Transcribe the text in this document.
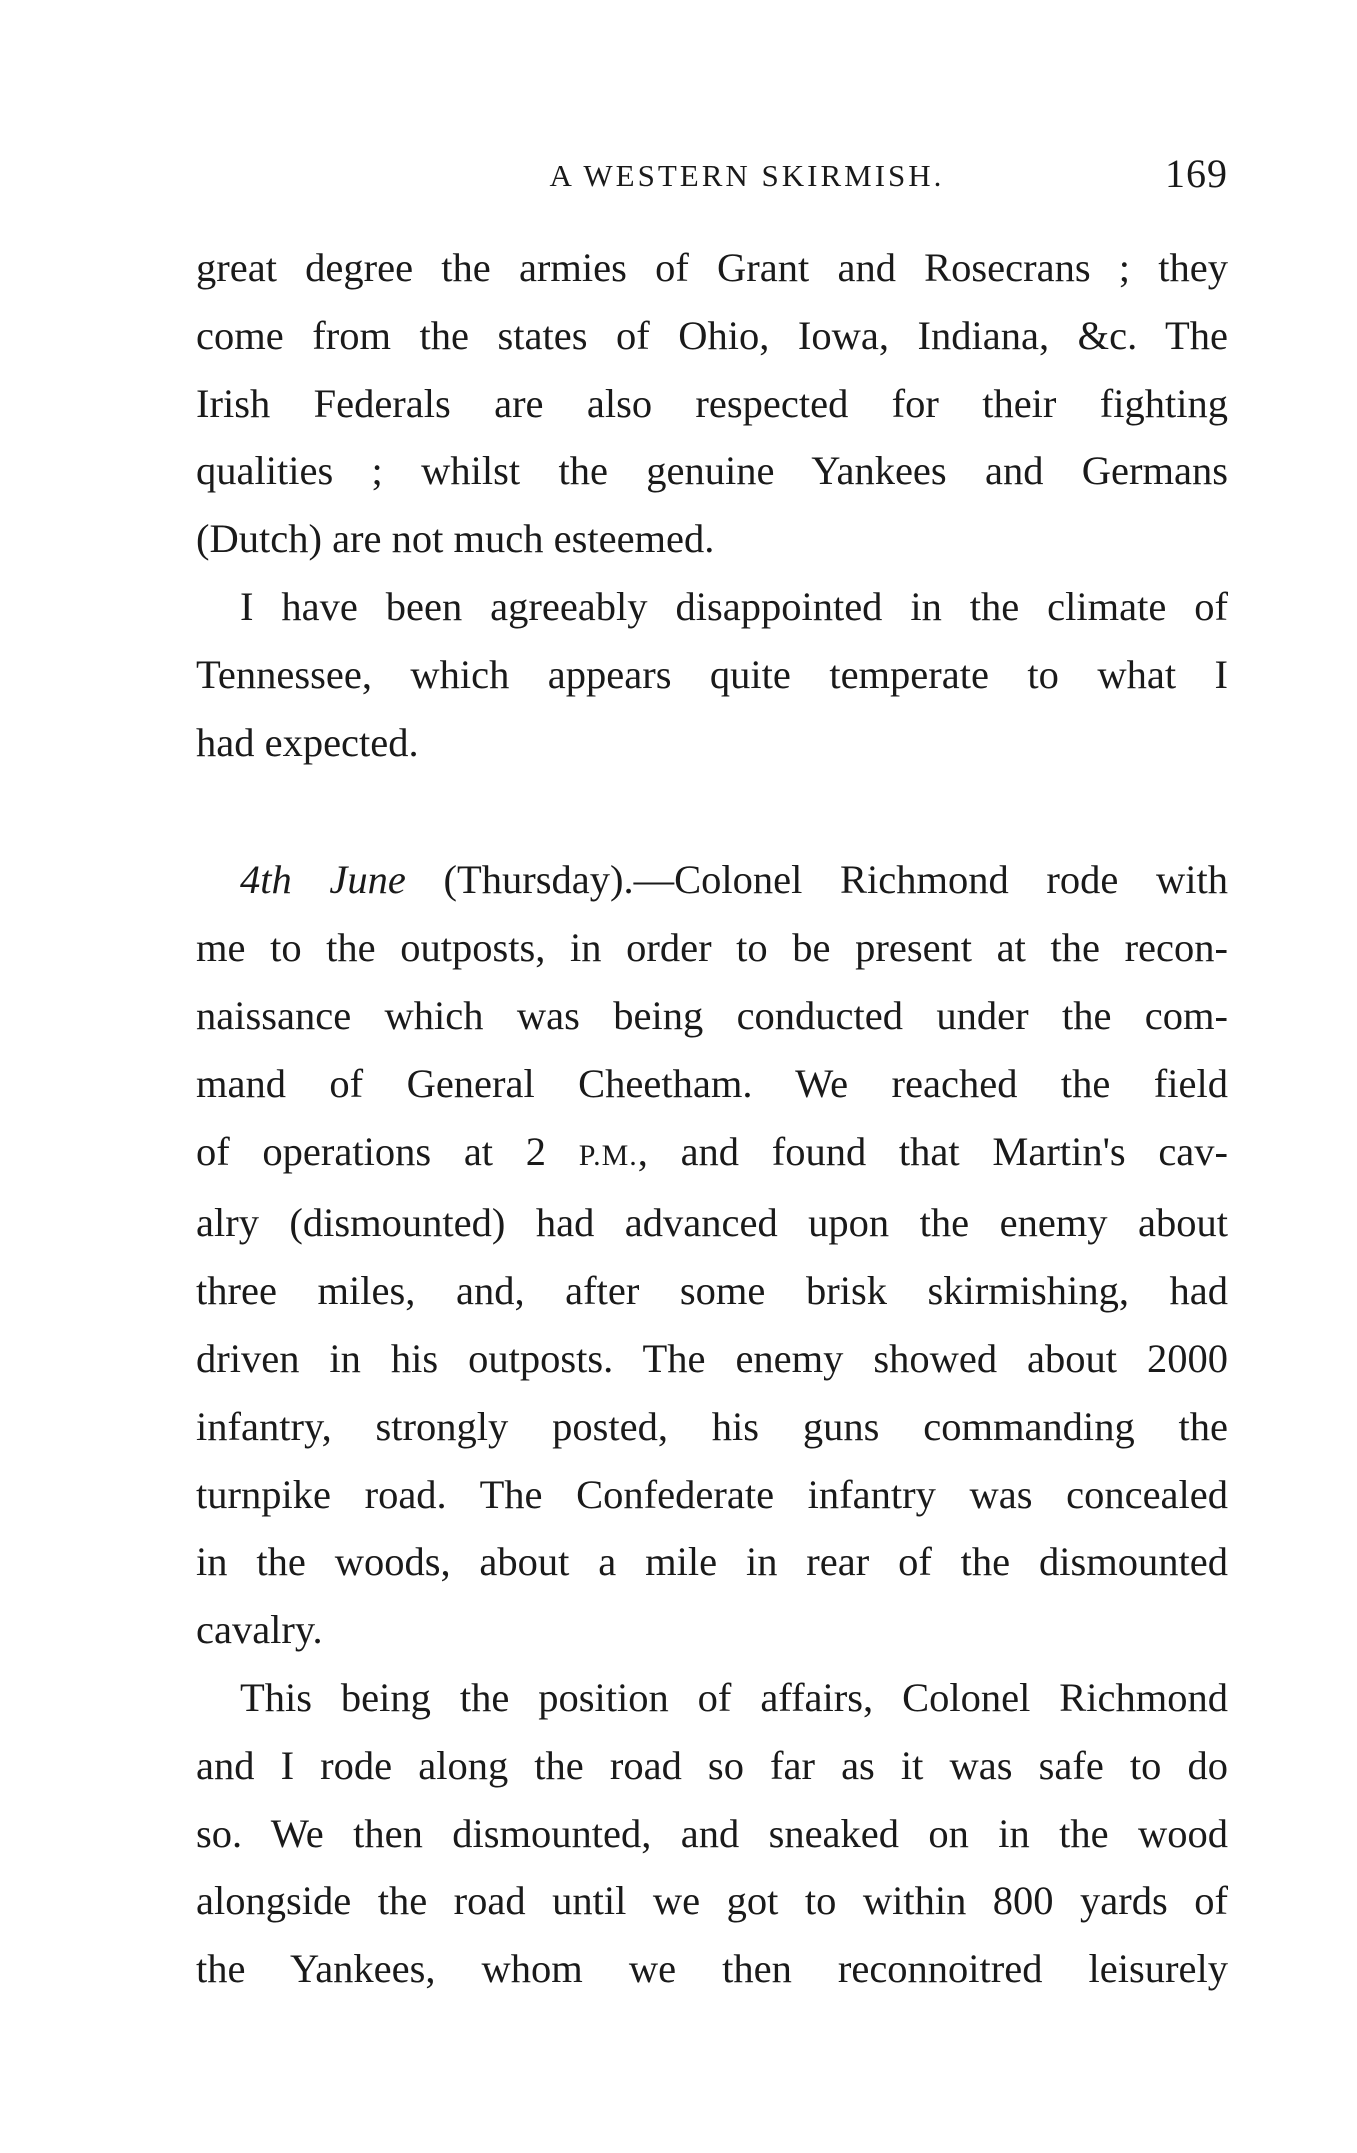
A WESTERN SKIRMISH.	169

great degree the armies of Grant and Rosecrans ; they
come from the states of Ohio, Iowa, Indiana, &c. The
Irish Federals are also respected for their fighting
qualities ; whilst the genuine Yankees and Germans
(Dutch) are not much esteemed.

I have been agreeably disappointed in the climate of
Tennessee, which appears quite temperate to what I
had expected.

4th June (Thursday).—Colonel Richmond rode with
me to the outposts, in order to be present at the recon-
naissance which was being conducted under the com-
mand of General Cheetham. We reached the field
of operations at 2 P.M., and found that Martin's cav-
alry (dismounted) had advanced upon the enemy about
three miles, and, after some brisk skirmishing, had
driven in his outposts. The enemy showed about 2000
infantry, strongly posted, his guns commanding the
turnpike road. The Confederate infantry was concealed
in the woods, about a mile in rear of the dismounted
cavalry.

This being the position of affairs, Colonel Richmond
and I rode along the road so far as it was safe to do
so. We then dismounted, and sneaked on in the wood
alongside the road until we got to within 800 yards of
the Yankees, whom we then reconnoitred leisurely
